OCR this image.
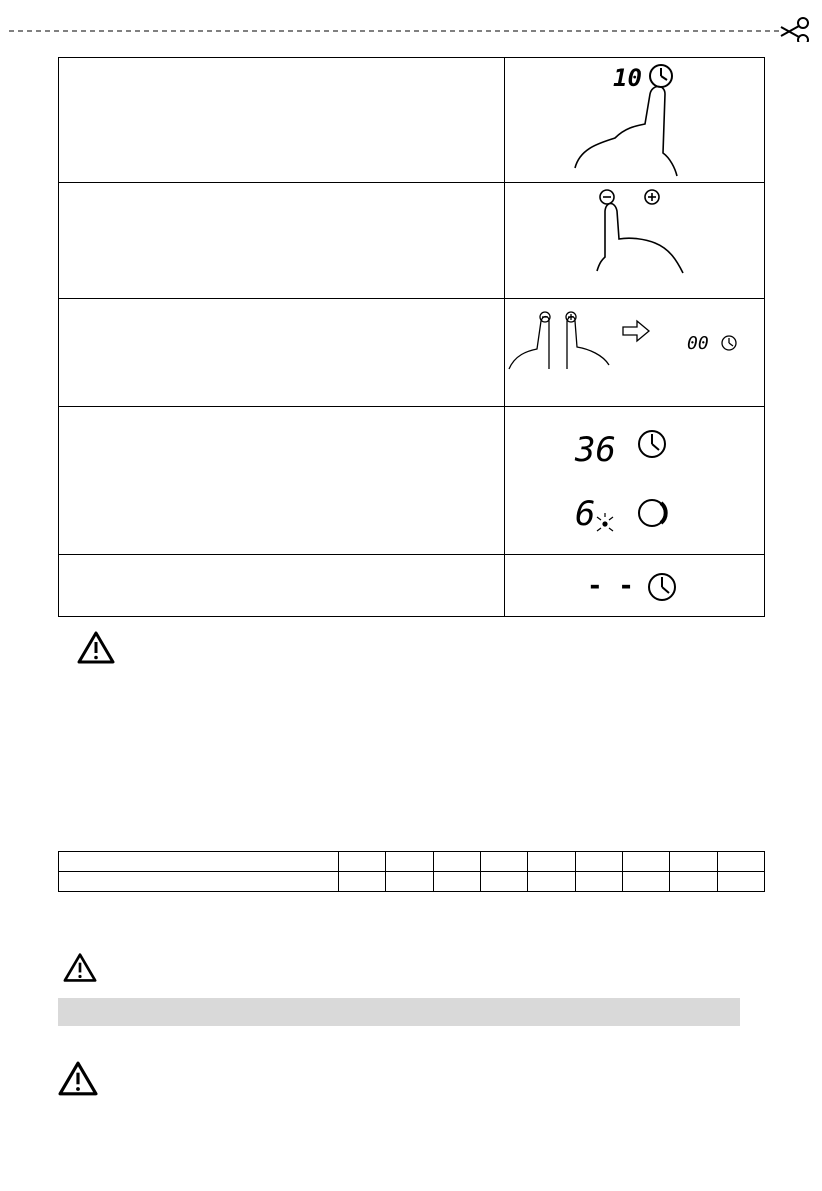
10
00
36
6
- -
